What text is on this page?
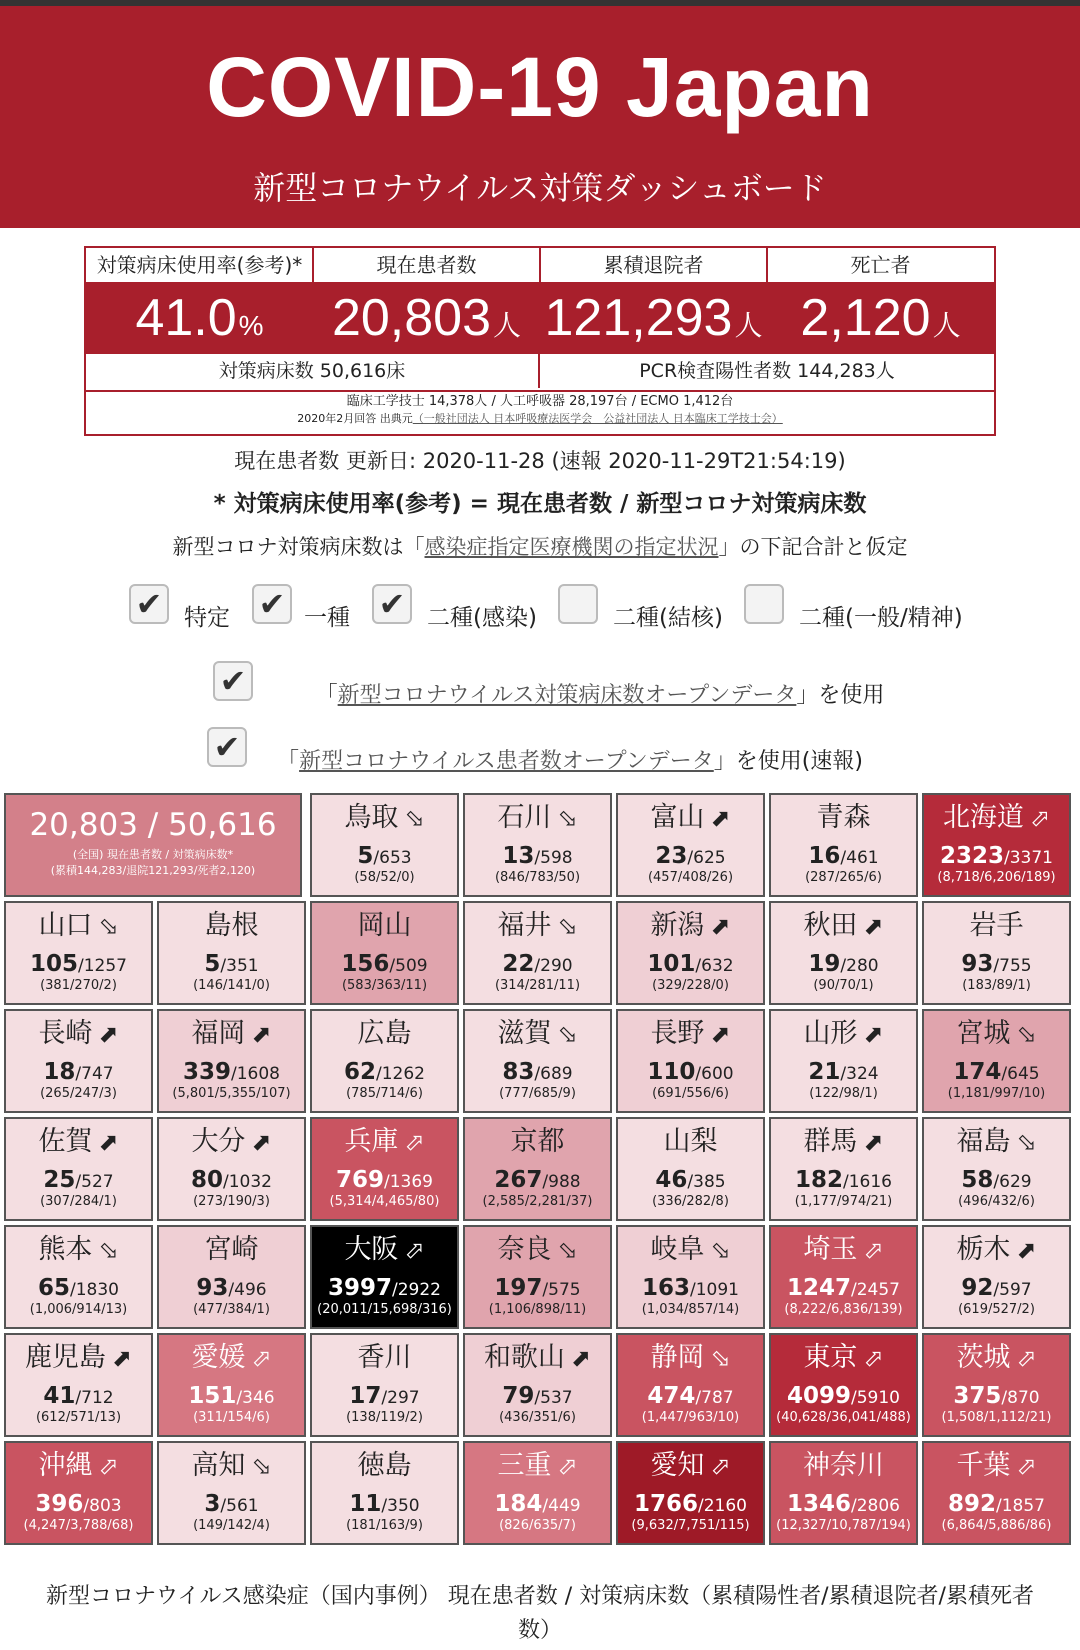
COVID-19 Japan
新型コロナウイルス対策ダッシュボード
対策病床使用率(参考)*	現在患者数	累積退院者	死亡者
41.0%	20,803人 121,293人 2,120人
対策病床数 50,616床	PCR検査陽性者数 144,283人
臨床工学技士 14,378人 / 人工呼吸器 28,197台 / ECMO 1,412台
2020年2月回答 出典元（一般社団法人 日本呼吸療法医学会　公益社団法人 日本臨床工学技士会）
現在患者数 更新日: 2020-11-28 (速報 2020-11-29T21:54:19)
* 対策病床使用率(参考) = 現在患者数 / 新型コロナ対策病床数
新型コロナ対策病床数は「感染症指定医療機関の指定状況」の下記合計と仮定
✔ 特定 ✔ 一種 ✔ 二種(感染)	二種(結核)	二種(一般/精神)
✔	「新型コロナウイルス対策病床数オープンデータ」を使用
✔	「新型コロナウイルス患者数オープンデータ」を使用(速報)
20,803 / 50,616
(全国) 現在患者数 / 対策病床数*
(累積144,283/退院121,293/死者2,120)
鳥取 ⬂
5/653
(58/52/0)
石川 ⬂
13/598
(846/783/50)
富山 ⬈
23/625
(457/408/26)
青森
16/461
(287/265/6)
北海道 ⬀
2323/3371
(8,718/6,206/189)
山口 ⬂
105/1257
(381/270/2)
島根
5/351
(146/141/0)
岡山
156/509
(583/363/11)
福井 ⬂
22/290
(314/281/11)
新潟 ⬈
101/632
(329/228/0)
秋田 ⬈
19/280
(90/70/1)
岩手
93/755
(183/89/1)
長崎 ⬈
18/747
(265/247/3)
福岡 ⬈
339/1608
(5,801/5,355/107)
広島
62/1262
(785/714/6)
滋賀 ⬂
83/689
(777/685/9)
長野 ⬈
110/600
(691/556/6)
山形 ⬈
21/324
(122/98/1)
宮城 ⬂
174/645
(1,181/997/10)
佐賀 ⬈
25/527
(307/284/1)
大分 ⬈
80/1032
(273/190/3)
兵庫 ⬀
769/1369
(5,314/4,465/80)
京都
267/988
(2,585/2,281/37)
山梨
46/385
(336/282/8)
群馬 ⬈
182/1616
(1,177/974/21)
福島 ⬂
58/629
(496/432/6)
熊本 ⬂
65/1830
(1,006/914/13)
宮崎
93/496
(477/384/1)
大阪 ⬀
3997/2922
(20,011/15,698/316)
奈良 ⬂
197/575
(1,106/898/11)
岐阜 ⬂
163/1091
(1,034/857/14)
埼玉 ⬀
1247/2457
(8,222/6,836/139)
栃木 ⬈
92/597
(619/527/2)
鹿児島 ⬈
41/712
(612/571/13)
愛媛 ⬀
151/346
(311/154/6)
香川
17/297
(138/119/2)
和歌山 ⬈
79/537
(436/351/6)
静岡 ⬂
474/787
(1,447/963/10)
東京 ⬀
4099/5910
(40,628/36,041/488)
茨城 ⬀
375/870
(1,508/1,112/21)
沖縄 ⬀
396/803
(4,247/3,788/68)
高知 ⬂
3/561
(149/142/4)
徳島
11/350
(181/163/9)
三重 ⬀
184/449
(826/635/7)
愛知 ⬀
1766/2160
(9,632/7,751/115)
神奈川
1346/2806
(12,327/10,787/194)
千葉 ⬀
892/1857
(6,864/5,886/86)
新型コロナウイルス感染症（国内事例） 現在患者数 / 対策病床数（累積陽性者/累積退院者/累積死者数）
